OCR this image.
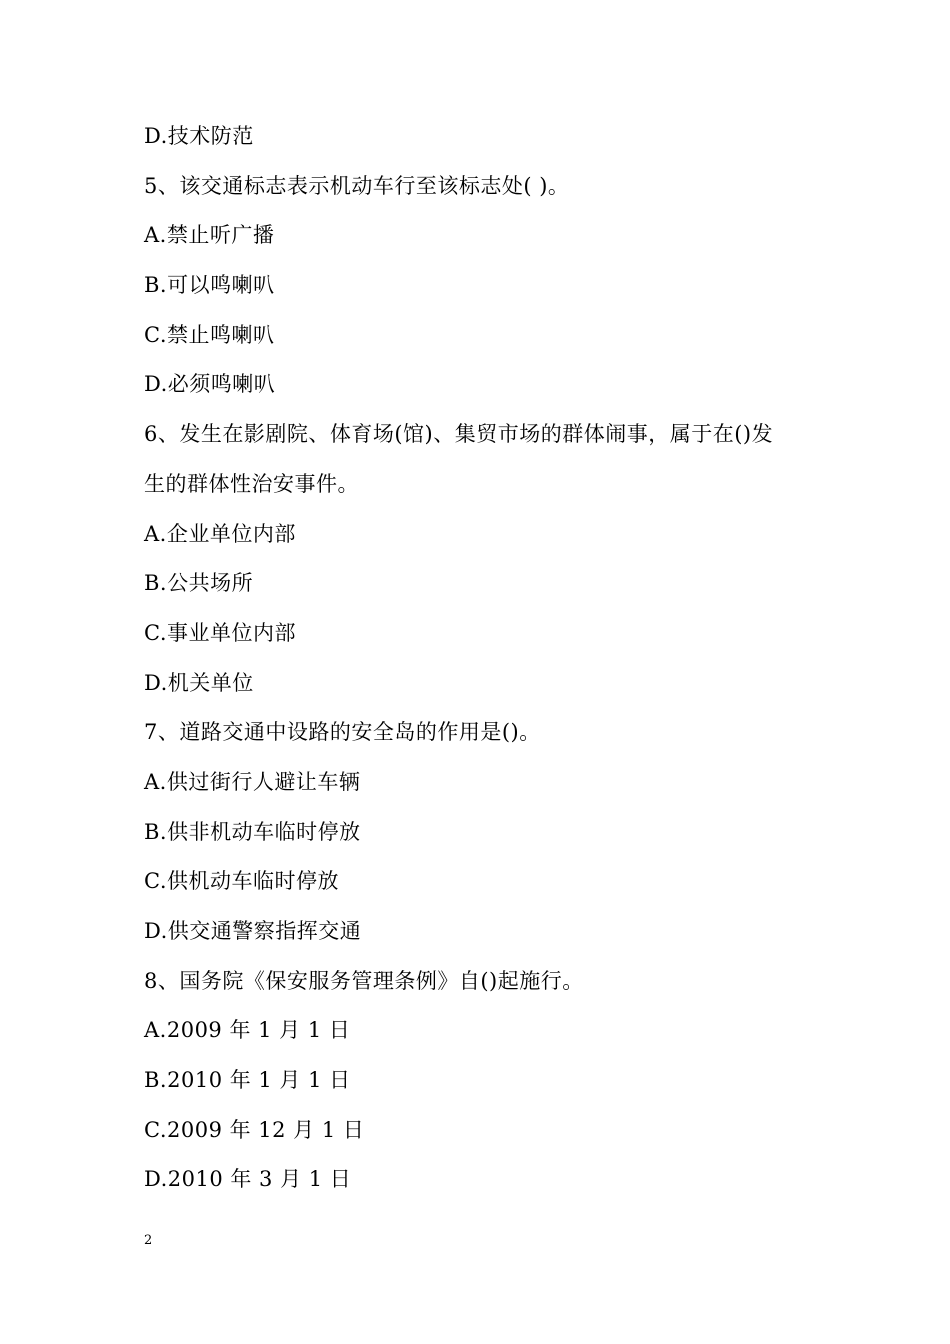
D.技术防范
5、该交通标志表示机动车行至该标志处( )。
A.禁止听广播
B.可以鸣喇叭
C.禁止鸣喇叭
D.必须鸣喇叭
6、发生在影剧院、体育场(馆)、集贸市场的群体闹事，属于在()发
生的群体性治安事件。
A.企业单位内部
B.公共场所
C.事业单位内部
D.机关单位
7、道路交通中设路的安全岛的作用是()。
A.供过街行人避让车辆
B.供非机动车临时停放
C.供机动车临时停放
D.供交通警察指挥交通
8、国务院《保安服务管理条例》自()起施行。
A.2009 年 1 月 1 日
B.2010 年 1 月 1 日
C.2009 年 12 月 1 日
D.2010 年 3 月 1 日
2
